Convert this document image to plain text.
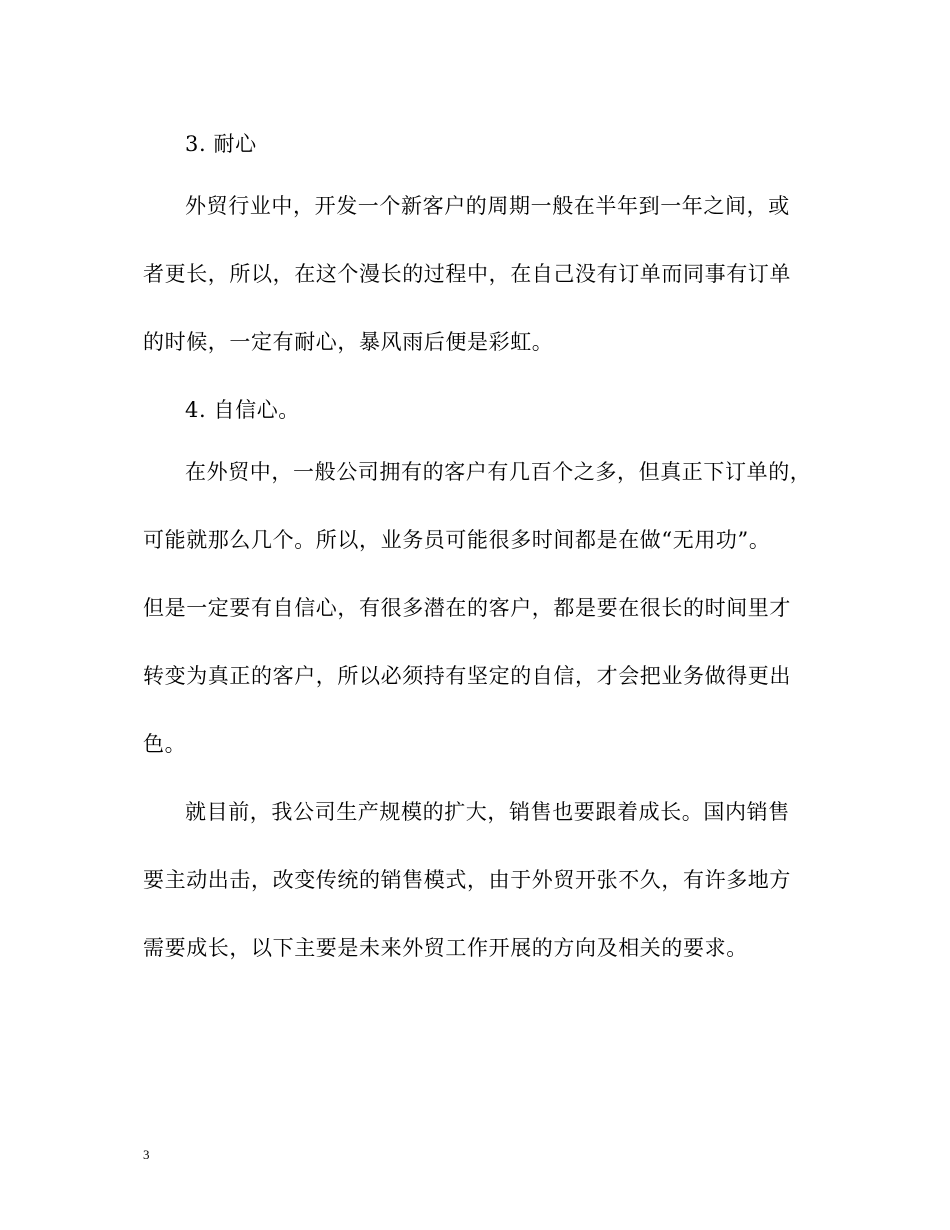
3. 耐心
外贸行业中，开发一个新客户的周期一般在半年到一年之间，或
者更长，所以，在这个漫长的过程中，在自己没有订单而同事有订单
的时候，一定有耐心，暴风雨后便是彩虹。
4. 自信心。
在外贸中，一般公司拥有的客户有几百个之多，但真正下订单的，
可能就那么几个。所以，业务员可能很多时间都是在做“无用功”。
但是一定要有自信心，有很多潜在的客户，都是要在很长的时间里才
转变为真正的客户，所以必须持有坚定的自信，才会把业务做得更出
色。
就目前，我公司生产规模的扩大，销售也要跟着成长。国内销售
要主动出击，改变传统的销售模式，由于外贸开张不久，有许多地方
需要成长，以下主要是未来外贸工作开展的方向及相关的要求。
3
